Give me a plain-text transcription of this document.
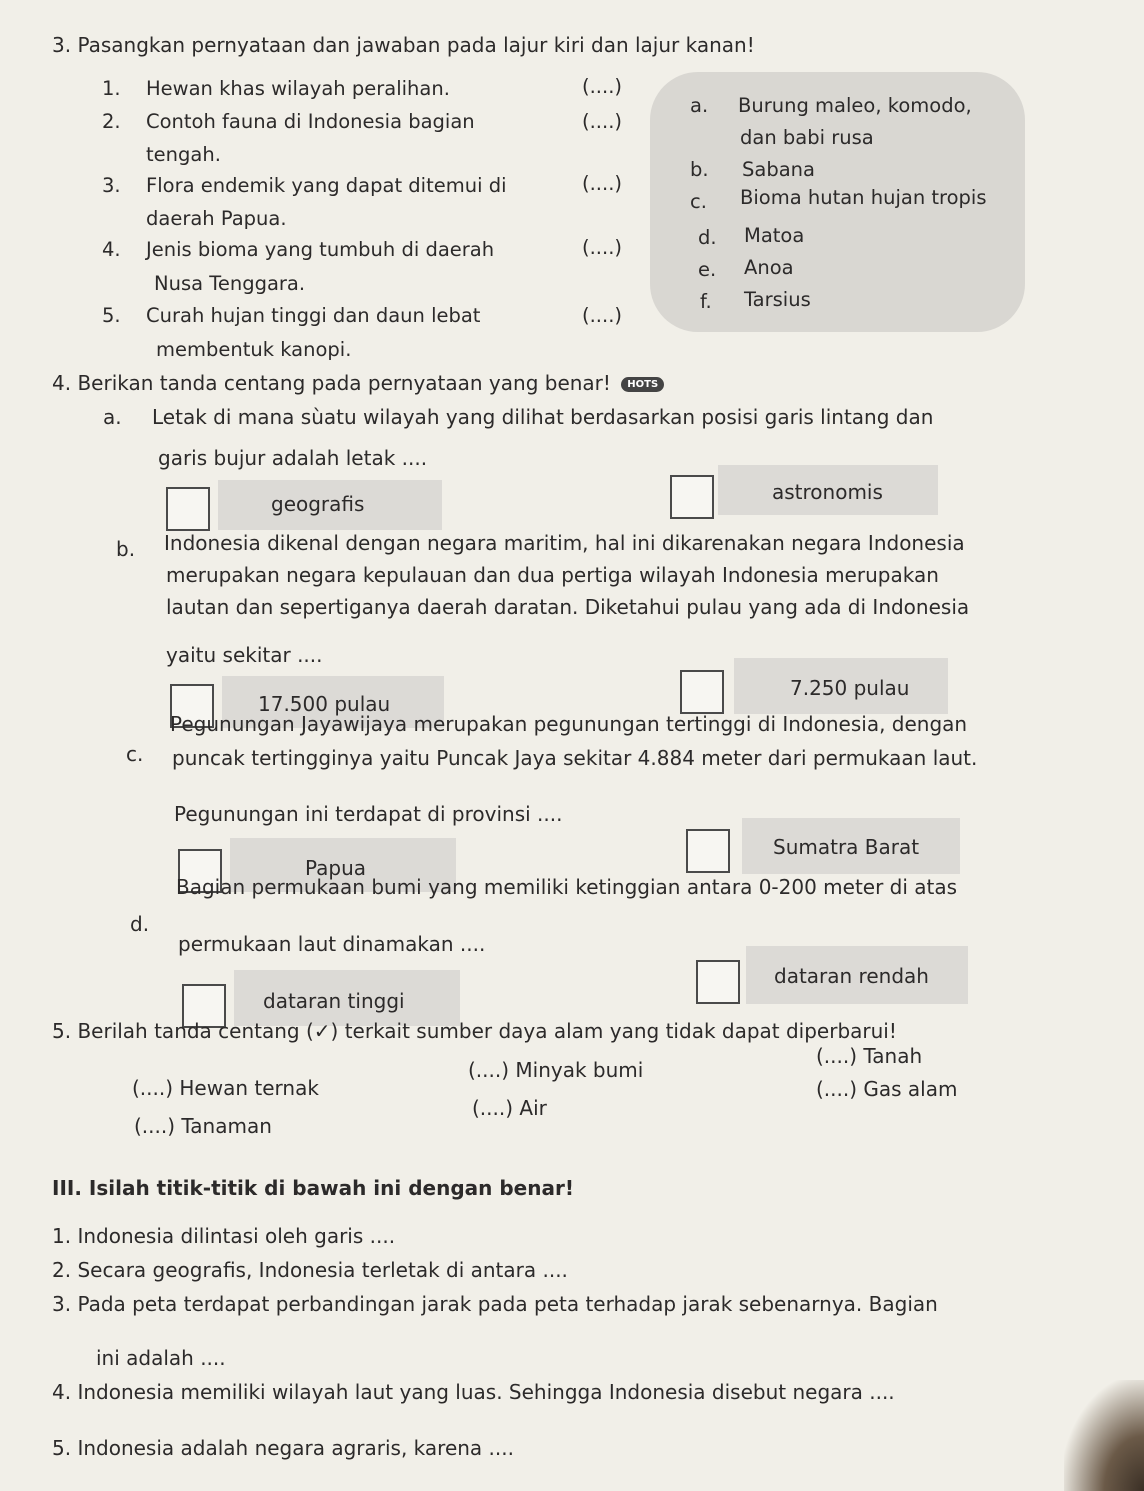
3. Pasangkan pernyataan dan jawaban pada lajur kiri dan lajur kanan!
1. Hewan khas wilayah peralihan.	(....)
2. Contoh fauna di Indonesia bagian
tengah.
(....)
3. Flora endemik yang dapat ditemui di
daerah Papua.
(....)
4. Jenis bioma yang tumbuh di daerah
Nusa Tenggara.
(....)
5. Curah hujan tinggi dan daun lebat
membentuk kanopi.
(....)
a. Burung maleo, komodo,
dan babi rusa
b. Sabana
c. Bioma hutan hujan tropis
d. Matoa
e. Anoa
f. Tarsius
4. Berikan tanda centang pada pernyataan yang benar! HOTS
a. Letak di mana sùatu wilayah yang dilihat berdasarkan posisi garis lintang dan
garis bujur adalah letak ....
geografis	astronomis
b. Indonesia dikenal dengan negara maritim, hal ini dikarenakan negara Indonesia
merupakan negara kepulauan dan dua pertiga wilayah Indonesia merupakan
lautan dan sepertiganya daerah daratan. Diketahui pulau yang ada di Indonesia
yaitu sekitar ....
17.500 pulau
7.250 pulau
c.
Pegunungan Jayawijaya merupakan pegunungan tertinggi di Indonesia, dengan
puncak tertingginya yaitu Puncak Jaya sekitar 4.884 meter dari permukaan laut.
Pegunungan ini terdapat di provinsi ....
Papua
Sumatra Barat
d.
Bagian permukaan bumi yang memiliki ketinggian antara 0-200 meter di atas
permukaan laut dinamakan ....
dataran tinggi
dataran rendah
5. Berilah tanda centang (✓) terkait sumber daya alam yang tidak dapat diperbarui!
(....) Hewan ternak
(....) Minyak bumi
(....) Tanah
(....) Tanaman
(....) Air
(....) Gas alam
III. Isilah titik-titik di bawah ini dengan benar!
1. Indonesia dilintasi oleh garis ....
2. Secara geografis, Indonesia terletak di antara ....
3. Pada peta terdapat perbandingan jarak pada peta terhadap jarak sebenarnya. Bagian
ini adalah ....
4. Indonesia memiliki wilayah laut yang luas. Sehingga Indonesia disebut negara ....
5. Indonesia adalah negara agraris, karena ....
